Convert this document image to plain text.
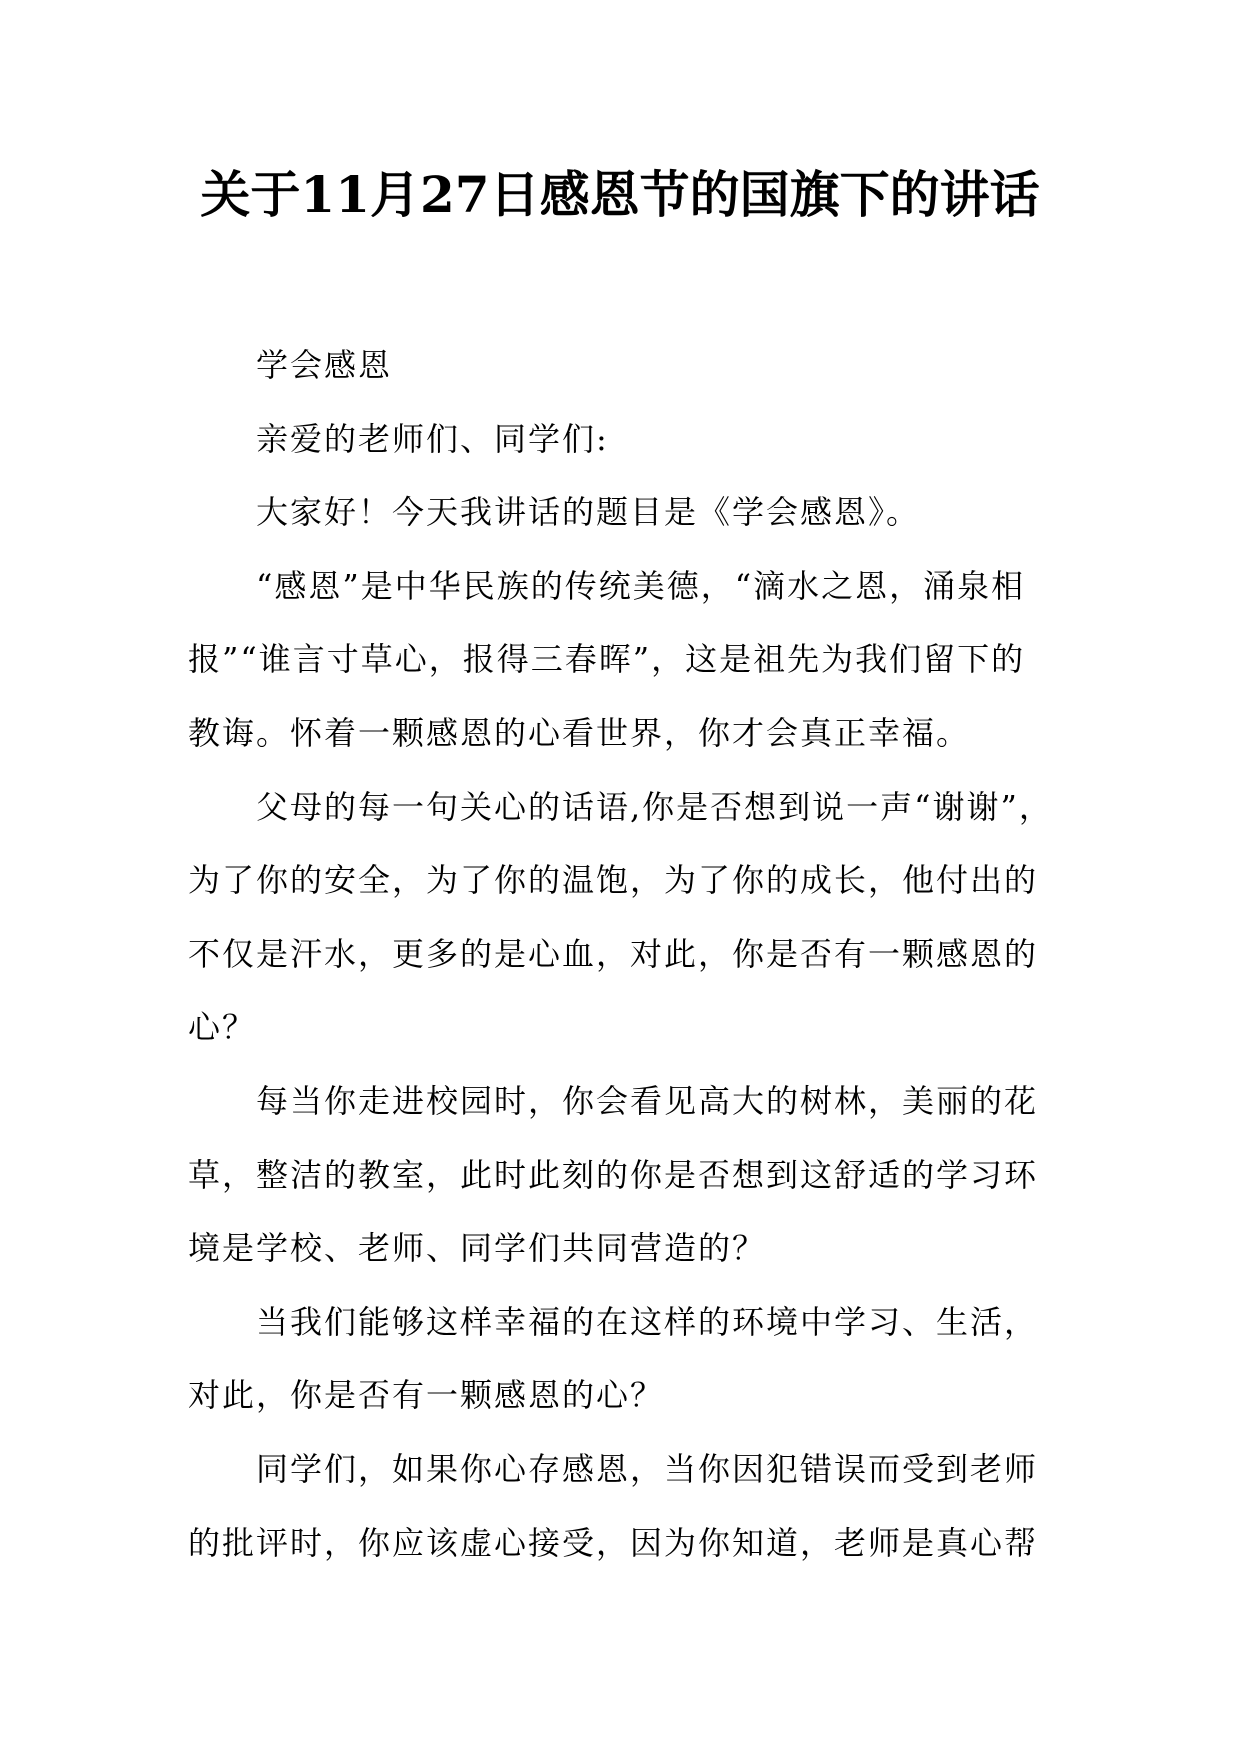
关于11月27日感恩节的国旗下的讲话

学会感恩

亲爱的老师们、同学们:

大家好！今天我讲话的题目是《学会感恩》。

“感恩”是中华民族的传统美德，“滴水之恩，涌泉相报”“谁言寸草心，报得三春晖”，这是祖先为我们留下的教诲。怀着一颗感恩的心看世界，你才会真正幸福。

父母的每一句关心的话语,你是否想到说一声“谢谢”，为了你的安全，为了你的温饱，为了你的成长，他付出的不仅是汗水，更多的是心血，对此，你是否有一颗感恩的心？

每当你走进校园时，你会看见高大的树林，美丽的花草，整洁的教室，此时此刻的你是否想到这舒适的学习环境是学校、老师、同学们共同营造的？

当我们能够这样幸福的在这样的环境中学习、生活，对此，你是否有一颗感恩的心？

同学们，如果你心存感恩，当你因犯错误而受到老师的批评时，你应该虚心接受，因为你知道，老师是真心帮
